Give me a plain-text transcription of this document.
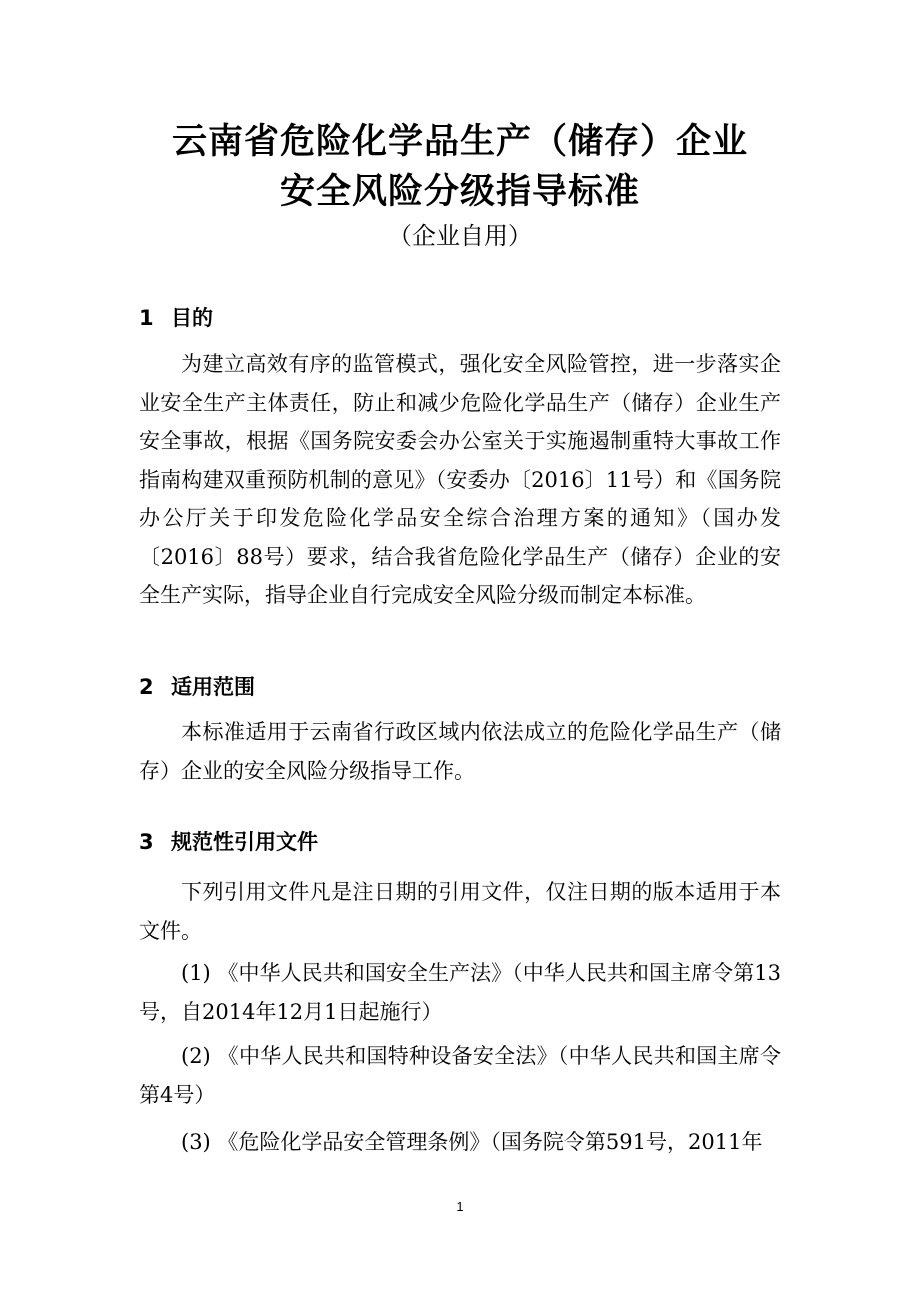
云南省危险化学品生产（储存）企业
安全风险分级指导标准
（企业自用）
1 目的

为建立高效有序的监管模式，强化安全风险管控，进一步落实企业安全生产主体责任，防止和减少危险化学品生产（储存）企业生产安全事故，根据《国务院安委会办公室关于实施遏制重特大事故工作指南构建双重预防机制的意见》（安委办〔2016〕11号）和《国务院办公厅关于印发危险化学品安全综合治理方案的通知》（国办发〔2016〕88号）要求，结合我省危险化学品生产（储存）企业的安全生产实际，指导企业自行完成安全风险分级而制定本标准。

2 适用范围

本标准适用于云南省行政区域内依法成立的危险化学品生产（储存）企业的安全风险分级指导工作。

3 规范性引用文件

下列引用文件凡是注日期的引用文件，仅注日期的版本适用于本文件。

(1) 《中华人民共和国安全生产法》（中华人民共和国主席令第13号，自2014年12月1日起施行）

(2) 《中华人民共和国特种设备安全法》（中华人民共和国主席令第4号）

(3) 《危险化学品安全管理条例》（国务院令第591号，2011年

1
